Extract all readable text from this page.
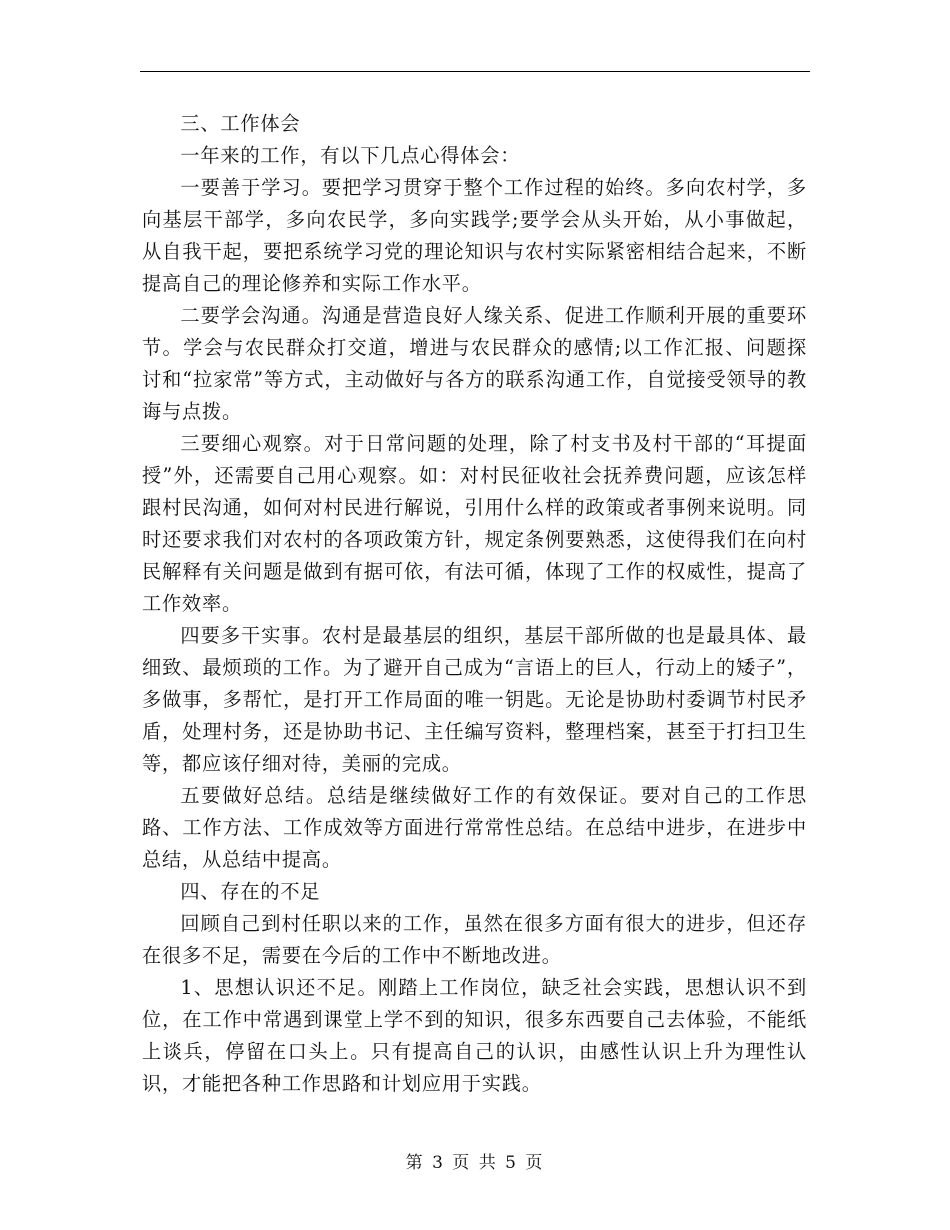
三、工作体会

一年来的工作，有以下几点心得体会：

一要善于学习。要把学习贯穿于整个工作过程的始终。多向农村学，多向基层干部学，多向农民学，多向实践学;要学会从头开始，从小事做起，从自我干起，要把系统学习党的理论知识与农村实际紧密相结合起来，不断提高自己的理论修养和实际工作水平。

二要学会沟通。沟通是营造良好人缘关系、促进工作顺利开展的重要环节。学会与农民群众打交道，增进与农民群众的感情;以工作汇报、问题探讨和“拉家常”等方式，主动做好与各方的联系沟通工作，自觉接受领导的教诲与点拨。

三要细心观察。对于日常问题的处理，除了村支书及村干部的“耳提面授”外，还需要自己用心观察。如：对村民征收社会抚养费问题，应该怎样跟村民沟通，如何对村民进行解说，引用什么样的政策或者事例来说明。同时还要求我们对农村的各项政策方针，规定条例要熟悉，这使得我们在向村民解释有关问题是做到有据可依，有法可循，体现了工作的权威性，提高了工作效率。

四要多干实事。农村是最基层的组织，基层干部所做的也是最具体、最细致、最烦琐的工作。为了避开自己成为“言语上的巨人，行动上的矮子”，多做事，多帮忙，是打开工作局面的唯一钥匙。无论是协助村委调节村民矛盾，处理村务，还是协助书记、主任编写资料，整理档案，甚至于打扫卫生等，都应该仔细对待，美丽的完成。

五要做好总结。总结是继续做好工作的有效保证。要对自己的工作思路、工作方法、工作成效等方面进行常常性总结。在总结中进步，在进步中总结，从总结中提高。

四、存在的不足

回顾自己到村任职以来的工作，虽然在很多方面有很大的进步，但还存在很多不足，需要在今后的工作中不断地改进。

1、思想认识还不足。刚踏上工作岗位，缺乏社会实践，思想认识不到位，在工作中常遇到课堂上学不到的知识，很多东西要自己去体验，不能纸上谈兵，停留在口头上。只有提高自己的认识，由感性认识上升为理性认识，才能把各种工作思路和计划应用于实践。

第 3 页 共 5 页
